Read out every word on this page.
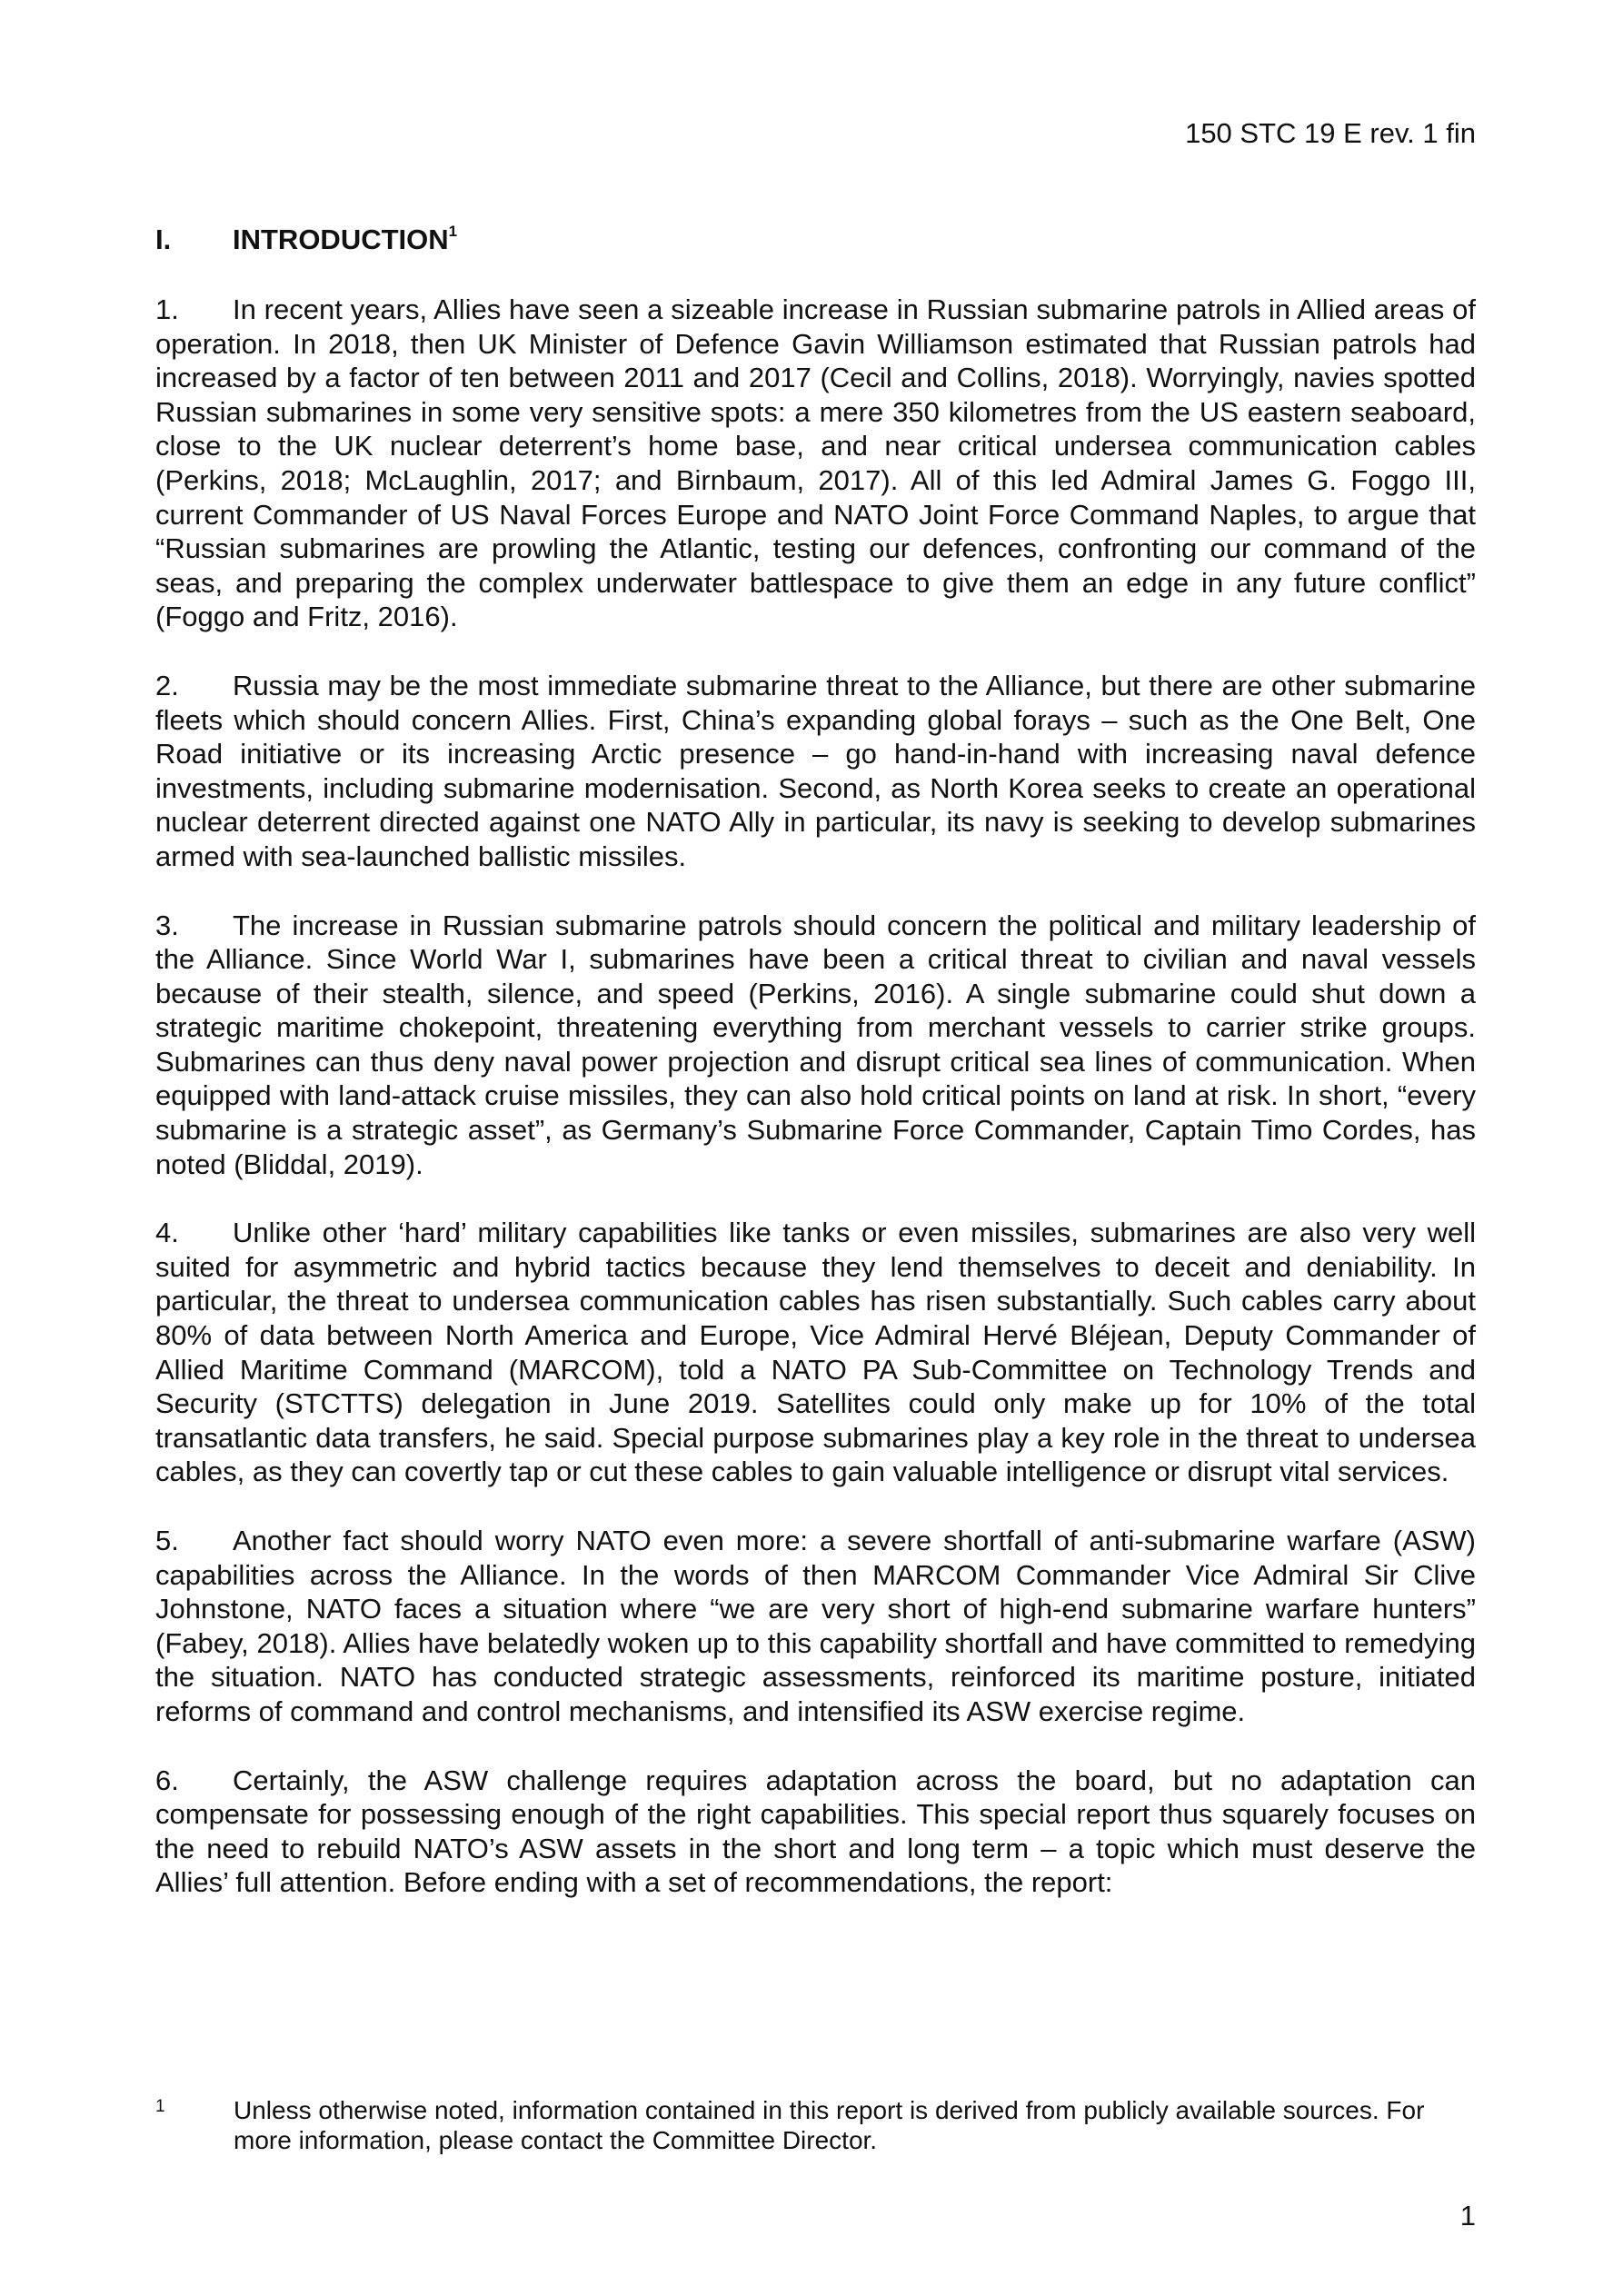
150 STC 19 E rev. 1 fin
I. INTRODUCTION$^1$

1. In recent years, Allies have seen a sizeable increase in Russian submarine patrols in Allied areas of operation. In 2018, then UK Minister of Defence Gavin Williamson estimated that Russian patrols had increased by a factor of ten between 2011 and 2017 (Cecil and Collins, 2018). Worryingly, navies spotted Russian submarines in some very sensitive spots: a mere 350 kilometres from the US eastern seaboard, close to the UK nuclear deterrent’s home base, and near critical undersea communication cables (Perkins, 2018; McLaughlin, 2017; and Birnbaum, 2017). All of this led Admiral James G. Foggo III, current Commander of US Naval Forces Europe and NATO Joint Force Command Naples, to argue that “Russian submarines are prowling the Atlantic, testing our defences, confronting our command of the seas, and preparing the complex underwater battlespace to give them an edge in any future conflict” (Foggo and Fritz, 2016).

2. Russia may be the most immediate submarine threat to the Alliance, but there are other submarine fleets which should concern Allies. First, China’s expanding global forays – such as the One Belt, One Road initiative or its increasing Arctic presence – go hand-in-hand with increasing naval defence investments, including submarine modernisation. Second, as North Korea seeks to create an operational nuclear deterrent directed against one NATO Ally in particular, its navy is seeking to develop submarines armed with sea-launched ballistic missiles.

3. The increase in Russian submarine patrols should concern the political and military leadership of the Alliance. Since World War I, submarines have been a critical threat to civilian and naval vessels because of their stealth, silence, and speed (Perkins, 2016). A single submarine could shut down a strategic maritime chokepoint, threatening everything from merchant vessels to carrier strike groups. Submarines can thus deny naval power projection and disrupt critical sea lines of communication. When equipped with land-attack cruise missiles, they can also hold critical points on land at risk. In short, “every submarine is a strategic asset”, as Germany’s Submarine Force Commander, Captain Timo Cordes, has noted (Bliddal, 2019).

4. Unlike other ‘hard’ military capabilities like tanks or even missiles, submarines are also very well suited for asymmetric and hybrid tactics because they lend themselves to deceit and deniability. In particular, the threat to undersea communication cables has risen substantially. Such cables carry about 80% of data between North America and Europe, Vice Admiral Hervé Bléjean, Deputy Commander of Allied Maritime Command (MARCOM), told a NATO PA Sub-Committee on Technology Trends and Security (STCTTS) delegation in June 2019. Satellites could only make up for 10% of the total transatlantic data transfers, he said. Special purpose submarines play a key role in the threat to undersea cables, as they can covertly tap or cut these cables to gain valuable intelligence or disrupt vital services.

5. Another fact should worry NATO even more: a severe shortfall of anti-submarine warfare (ASW) capabilities across the Alliance. In the words of then MARCOM Commander Vice Admiral Sir Clive Johnstone, NATO faces a situation where “we are very short of high-end submarine warfare hunters” (Fabey, 2018). Allies have belatedly woken up to this capability shortfall and have committed to remedying the situation. NATO has conducted strategic assessments, reinforced its maritime posture, initiated reforms of command and control mechanisms, and intensified its ASW exercise regime.

6. Certainly, the ASW challenge requires adaptation across the board, but no adaptation can compensate for possessing enough of the right capabilities. This special report thus squarely focuses on the need to rebuild NATO’s ASW assets in the short and long term – a topic which must deserve the Allies’ full attention. Before ending with a set of recommendations, the report:

1	Unless otherwise noted, information contained in this report is derived from publicly available sources. For more information, please contact the Committee Director.
1
